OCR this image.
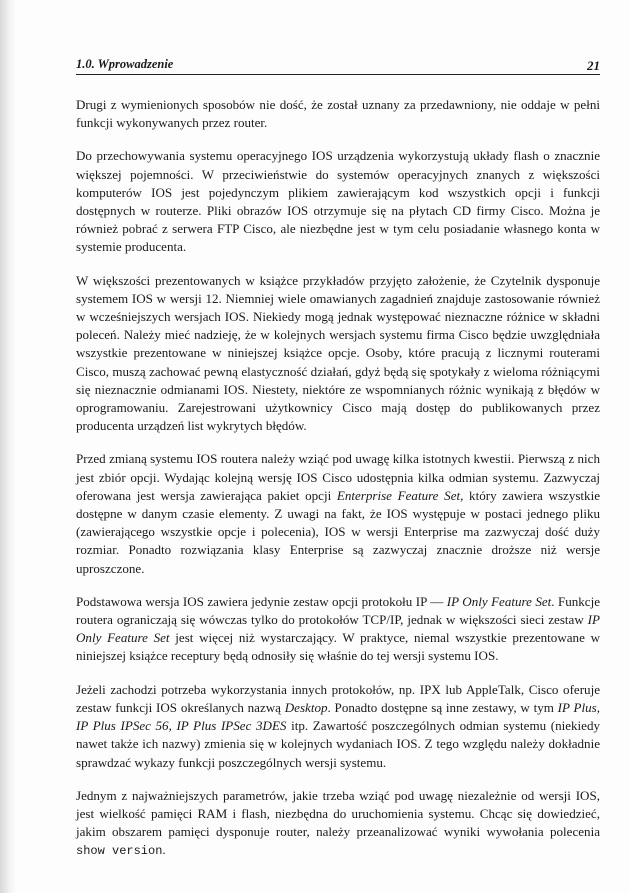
1.0. Wprowadzenie	21

Drugi z wymienionych sposobów nie dość, że został uznany za przedawniony, nie oddaje w pełni funkcji wykonywanych przez router.

Do przechowywania systemu operacyjnego IOS urządzenia wykorzystują układy flash o znacznie większej pojemności. W przeciwieństwie do systemów operacyjnych znanych z większości komputerów IOS jest pojedynczym plikiem zawierającym kod wszystkich opcji i funkcji dostępnych w routerze. Pliki obrazów IOS otrzymuje się na płytach CD firmy Cisco. Można je również pobrać z serwera FTP Cisco, ale niezbędne jest w tym celu posiadanie własnego konta w systemie producenta.

W większości prezentowanych w książce przykładów przyjęto założenie, że Czytelnik dysponuje systemem IOS w wersji 12. Niemniej wiele omawianych zagadnień znajduje zastosowanie również w wcześniejszych wersjach IOS. Niekiedy mogą jednak występować nieznaczne różnice w składni poleceń. Należy mieć nadzieję, że w kolejnych wersjach systemu firma Cisco będzie uwzględniała wszystkie prezentowane w niniejszej książce opcje. Osoby, które pracują z licznymi routerami Cisco, muszą zachować pewną elastyczność działań, gdyż będą się spotykały z wieloma różniącymi się nieznacznie odmianami IOS. Niestety, niektóre ze wspomnianych różnic wynikają z błędów w oprogramowaniu. Zarejestrowani użytkownicy Cisco mają dostęp do publikowanych przez producenta urządzeń list wykrytych błędów.

Przed zmianą systemu IOS routera należy wziąć pod uwagę kilka istotnych kwestii. Pierwszą z nich jest zbiór opcji. Wydając kolejną wersję IOS Cisco udostępnia kilka odmian systemu. Zazwyczaj oferowana jest wersja zawierająca pakiet opcji Enterprise Feature Set, który zawiera wszystkie dostępne w danym czasie elementy. Z uwagi na fakt, że IOS występuje w postaci jednego pliku (zawierającego wszystkie opcje i polecenia), IOS w wersji Enterprise ma zazwyczaj dość duży rozmiar. Ponadto rozwiązania klasy Enterprise są zazwyczaj znacznie droższe niż wersje uproszczone.

Podstawowa wersja IOS zawiera jedynie zestaw opcji protokołu IP — IP Only Feature Set. Funkcje routera ograniczają się wówczas tylko do protokołów TCP/IP, jednak w większości sieci zestaw IP Only Feature Set jest więcej niż wystarczający. W praktyce, niemal wszystkie prezentowane w niniejszej książce receptury będą odnosiły się właśnie do tej wersji systemu IOS.

Jeżeli zachodzi potrzeba wykorzystania innych protokołów, np. IPX lub AppleTalk, Cisco oferuje zestaw funkcji IOS określanych nazwą Desktop. Ponadto dostępne są inne zestawy, w tym IP Plus, IP Plus IPSec 56, IP Plus IPSec 3DES itp. Zawartość poszczególnych odmian systemu (niekiedy nawet także ich nazwy) zmienia się w kolejnych wydaniach IOS. Z tego względu należy dokładnie sprawdzać wykazy funkcji poszczególnych wersji systemu.

Jednym z najważniejszych parametrów, jakie trzeba wziąć pod uwagę niezależnie od wersji IOS, jest wielkość pamięci RAM i flash, niezbędna do uruchomienia systemu. Chcąc się dowiedzieć, jakim obszarem pamięci dysponuje router, należy przeanalizować wyniki wywołania polecenia show version.
